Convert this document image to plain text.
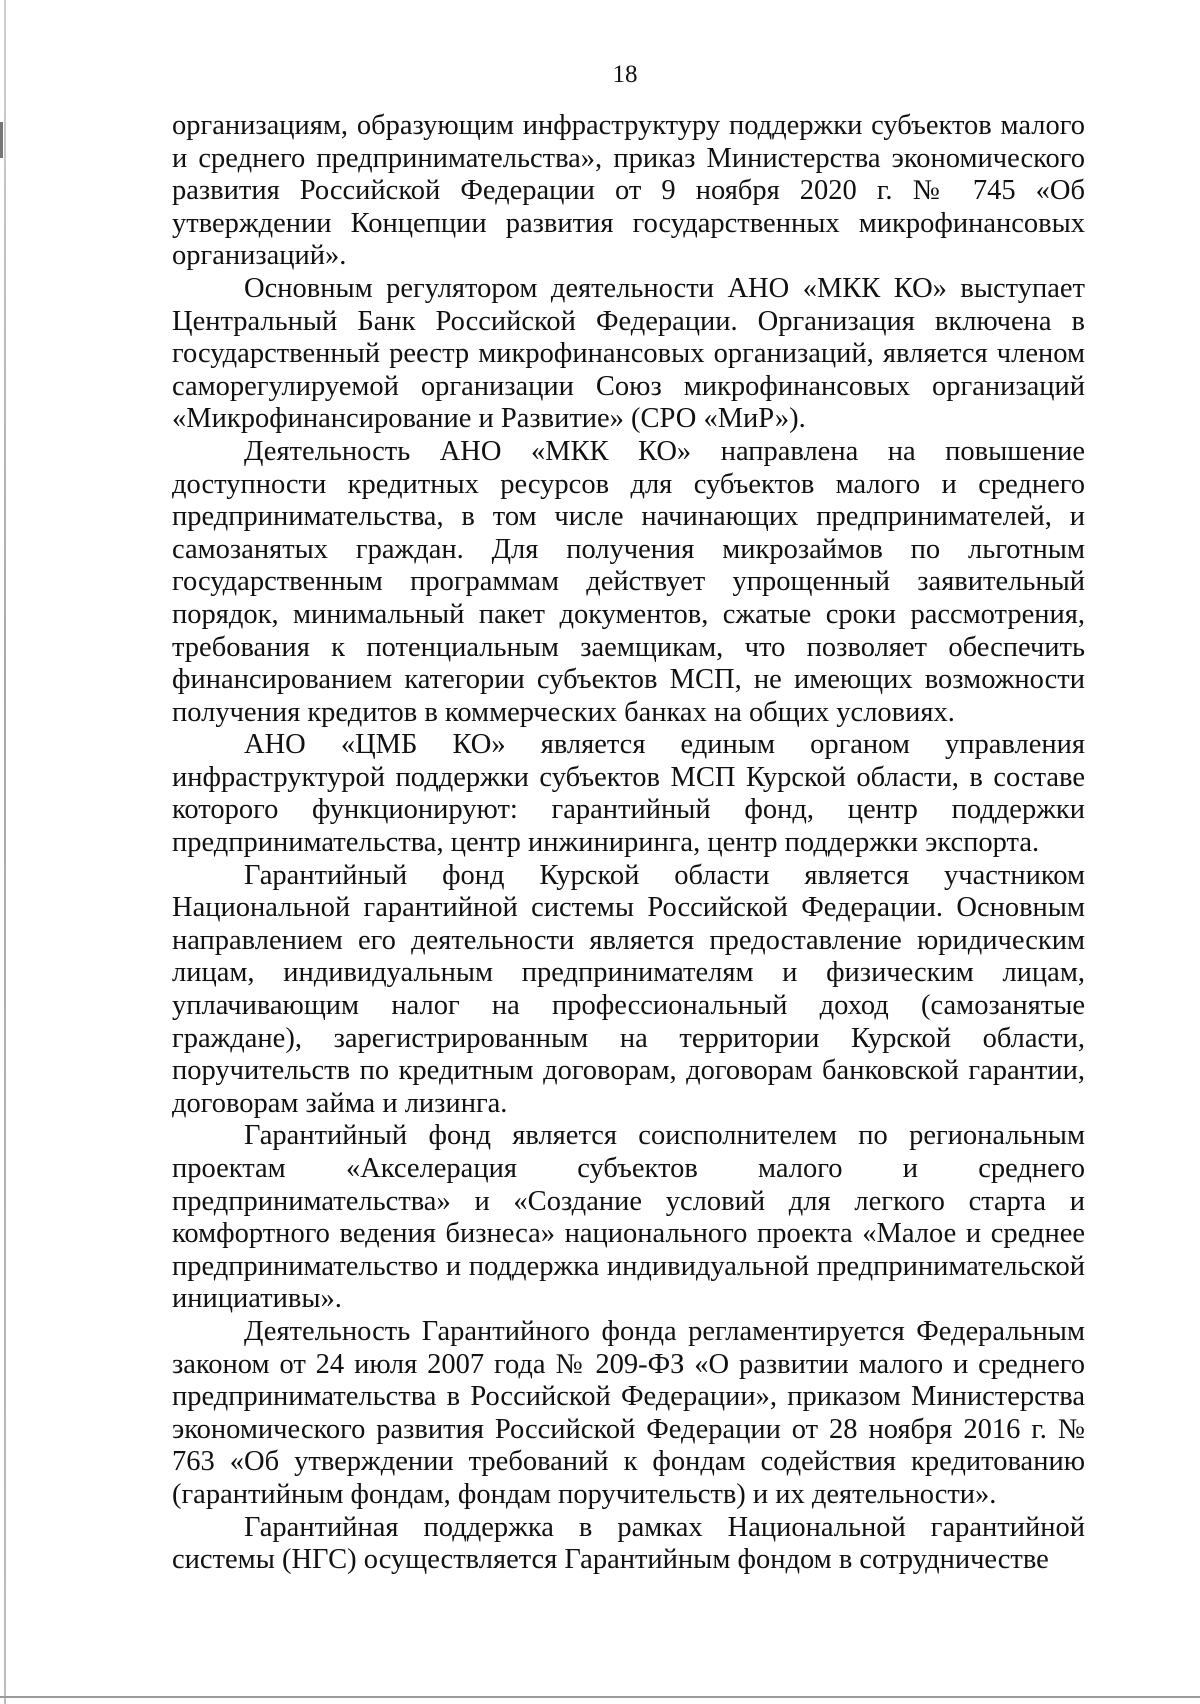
18

организациям, образующим инфраструктуру поддержки субъектов малого и среднего предпринимательства», приказ Министерства экономического развития Российской Федерации от 9 ноября 2020 г. № 745 «Об утверждении Концепции развития государственных микрофинансовых организаций».

Основным регулятором деятельности АНО «МКК КО» выступает Центральный Банк Российской Федерации. Организация включена в государственный реестр микрофинансовых организаций, является членом саморегулируемой организации Союз микрофинансовых организаций «Микрофинансирование и Развитие» (СРО «МиР»).

Деятельность АНО «МКК КО» направлена на повышение доступности кредитных ресурсов для субъектов малого и среднего предпринимательства, в том числе начинающих предпринимателей, и самозанятых граждан. Для получения микрозаймов по льготным государственным программам действует упрощенный заявительный порядок, минимальный пакет документов, сжатые сроки рассмотрения, требования к потенциальным заемщикам, что позволяет обеспечить финансированием категории субъектов МСП, не имеющих возможности получения кредитов в коммерческих банках на общих условиях.

АНО «ЦМБ КО» является единым органом управления инфраструктурой поддержки субъектов МСП Курской области, в составе которого функционируют: гарантийный фонд, центр поддержки предпринимательства, центр инжиниринга, центр поддержки экспорта.

Гарантийный фонд Курской области является участником Национальной гарантийной системы Российской Федерации. Основным направлением его деятельности является предоставление юридическим лицам, индивидуальным предпринимателям и физическим лицам, уплачивающим налог на профессиональный доход (самозанятые граждане), зарегистрированным на территории Курской области, поручительств по кредитным договорам, договорам банковской гарантии, договорам займа и лизинга.

Гарантийный фонд является соисполнителем по региональным проектам «Акселерация субъектов малого и среднего предпринимательства» и «Создание условий для легкого старта и комфортного ведения бизнеса» национального проекта «Малое и среднее предпринимательство и поддержка индивидуальной предпринимательской инициативы».

Деятельность Гарантийного фонда регламентируется Федеральным законом от 24 июля 2007 года № 209-ФЗ «О развитии малого и среднего предпринимательства в Российской Федерации», приказом Министерства экономического развития Российской Федерации от 28 ноября 2016 г. № 763 «Об утверждении требований к фондам содействия кредитованию (гарантийным фондам, фондам поручительств) и их деятельности».

Гарантийная поддержка в рамках Национальной гарантийной системы (НГС) осуществляется Гарантийным фондом в сотрудничестве
